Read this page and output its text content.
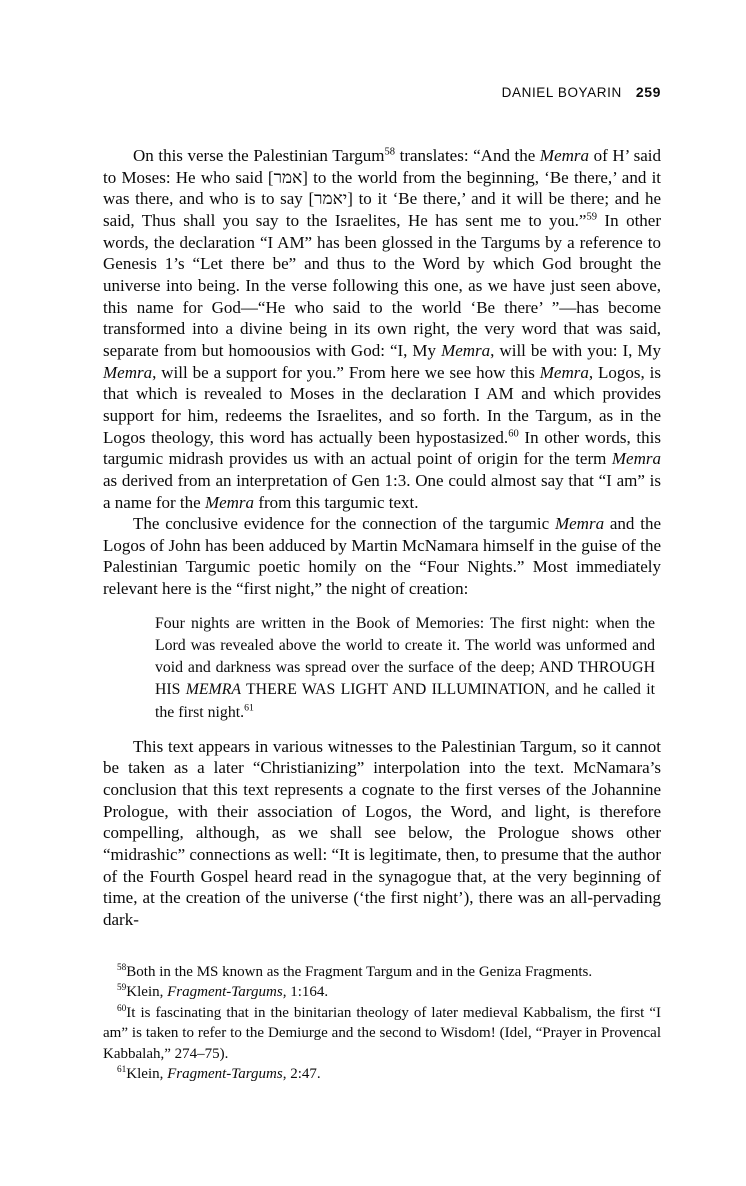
DANIEL BOYARIN 259

On this verse the Palestinian Targum$^{58}$ translates: “And the Memra of H’ said to Moses: He who said [אמר] to the world from the beginning, ‘Be there,’ and it was there, and who is to say [יאמר] to it ‘Be there,’ and it will be there; and he said, Thus shall you say to the Israelites, He has sent me to you.”$^{59}$ In other words, the declaration “I AM” has been glossed in the Targums by a reference to Genesis 1’s “Let there be” and thus to the Word by which God brought the universe into being. In the verse following this one, as we have just seen above, this name for God—“He who said to the world ‘Be there’ ”—has become transformed into a divine being in its own right, the very word that was said, separate from but homoousios with God: “I, My Memra, will be with you: I, My Memra, will be a support for you.” From here we see how this Memra, Logos, is that which is revealed to Moses in the declaration I AM and which provides support for him, redeems the Israelites, and so forth. In the Targum, as in the Logos theology, this word has actually been hypostasized.$^{60}$ In other words, this targumic midrash provides us with an actual point of origin for the term Memra as derived from an interpretation of Gen 1:3. One could almost say that “I am” is a name for the Memra from this targumic text.

The conclusive evidence for the connection of the targumic Memra and the Logos of John has been adduced by Martin McNamara himself in the guise of the Palestinian Targumic poetic homily on the “Four Nights.” Most immediately relevant here is the “first night,” the night of creation:

Four nights are written in the Book of Memories: The first night: when the Lord was revealed above the world to create it. The world was unformed and void and darkness was spread over the surface of the deep; AND THROUGH HIS MEMRA THERE WAS LIGHT AND ILLUMINATION, and he called it the first night.$^{61}$

This text appears in various witnesses to the Palestinian Targum, so it cannot be taken as a later “Christianizing” interpolation into the text. McNamara’s conclusion that this text represents a cognate to the first verses of the Johannine Prologue, with their association of Logos, the Word, and light, is therefore compelling, although, as we shall see below, the Prologue shows other “midrashic” connections as well: “It is legitimate, then, to presume that the author of the Fourth Gospel heard read in the synagogue that, at the very beginning of time, at the creation of the universe (‘the first night’), there was an all-pervading dark-

$^{58}$Both in the MS known as the Fragment Targum and in the Geniza Fragments.

$^{59}$Klein, Fragment-Targums, 1:164.

$^{60}$It is fascinating that in the binitarian theology of later medieval Kabbalism, the first “I am” is taken to refer to the Demiurge and the second to Wisdom! (Idel, “Prayer in Provencal Kabbalah,” 274–75).

$^{61}$Klein, Fragment-Targums, 2:47.
